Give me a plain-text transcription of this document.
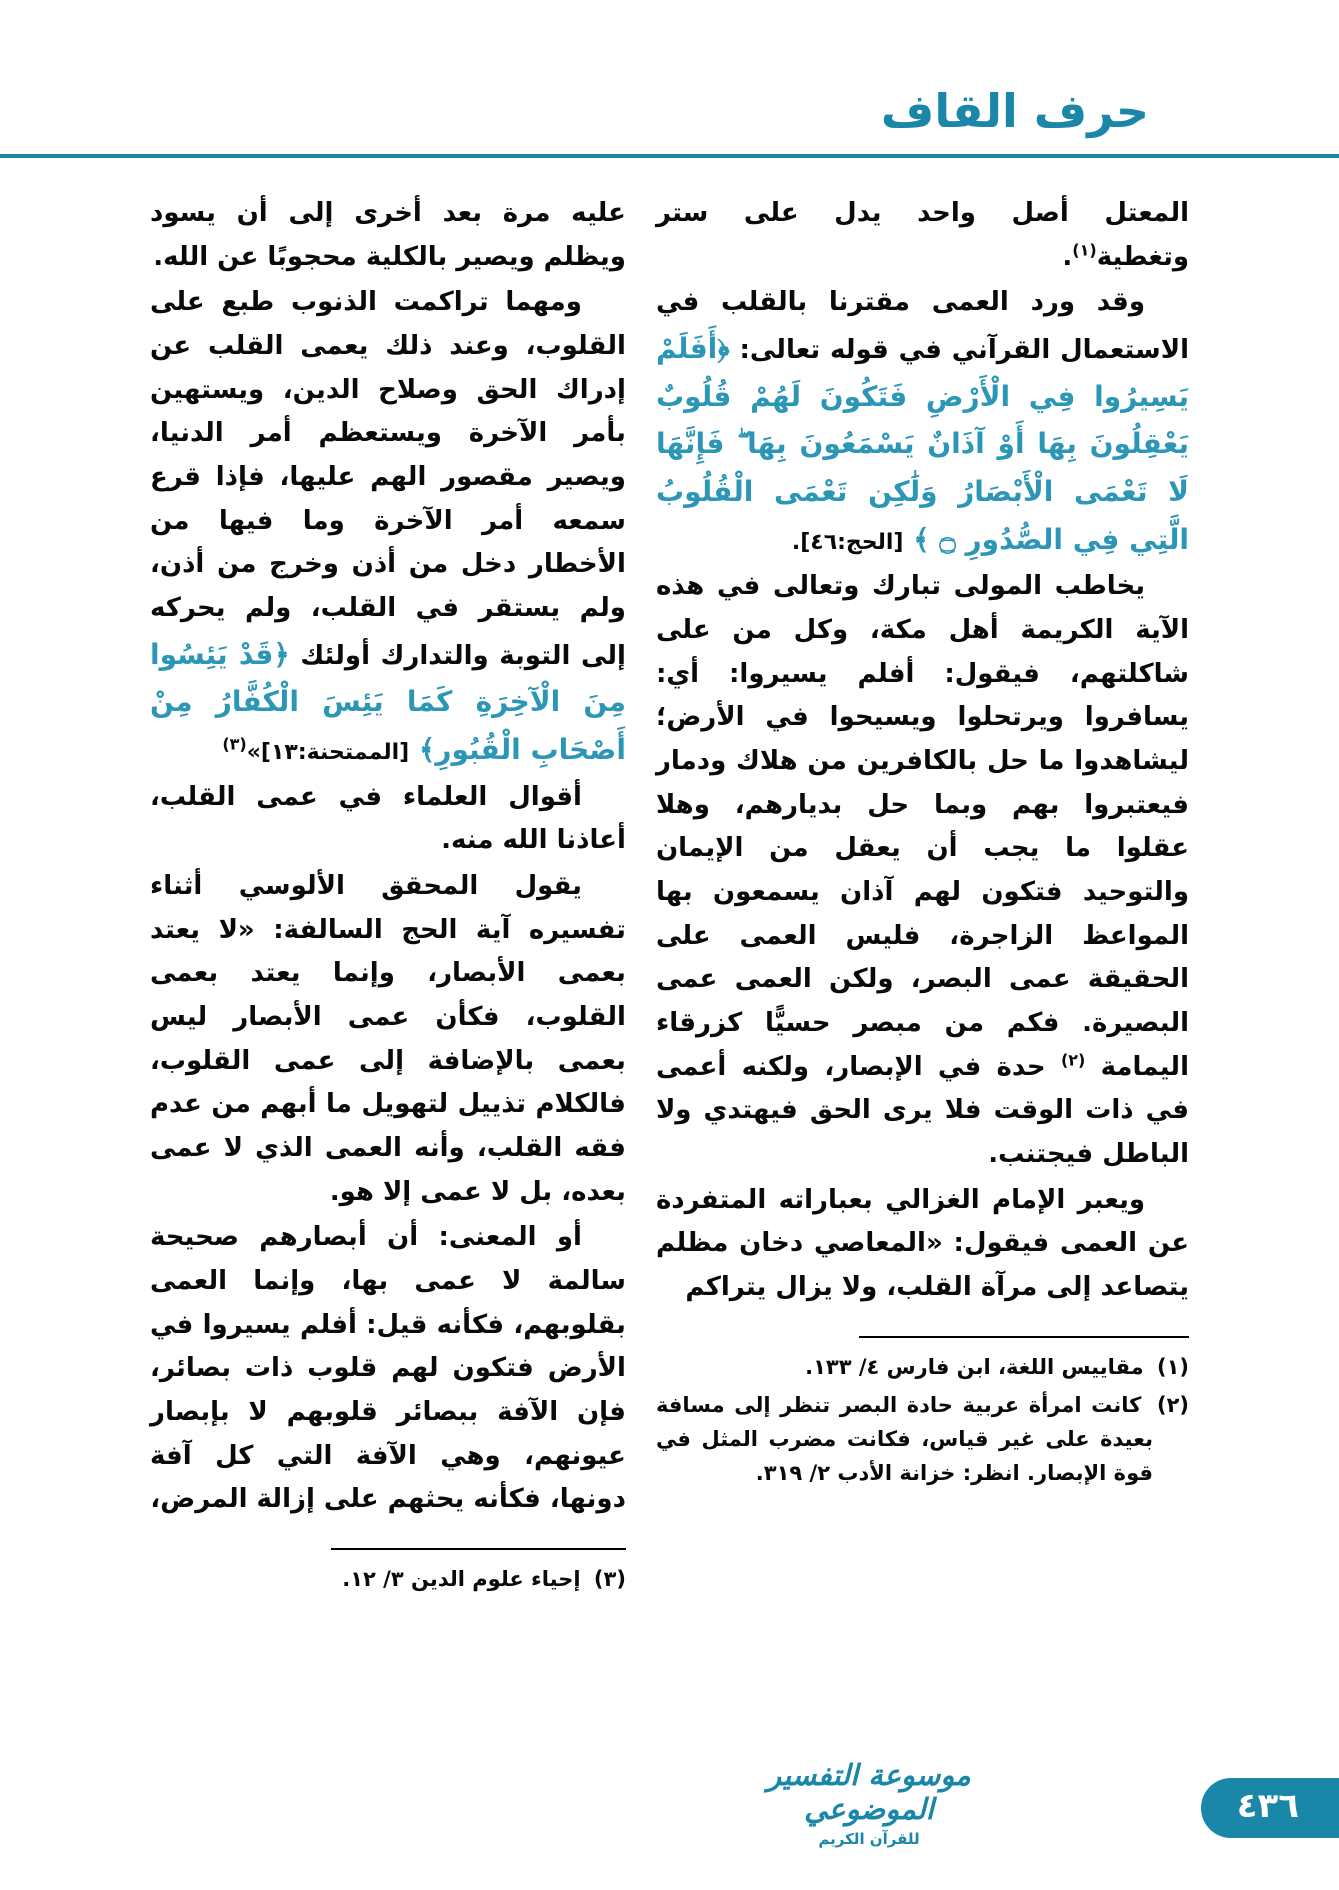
حرف القاف

المعتل أصل واحد يدل على ستر وتغطية$^{(١)}$.

وقد ورد العمى مقترنا بالقلب في الاستعمال القرآني في قوله تعالى: ﴿أَفَلَمْ يَسِيرُوا فِي الْأَرْضِ فَتَكُونَ لَهُمْ قُلُوبٌ يَعْقِلُونَ بِهَا أَوْ آذَانٌ يَسْمَعُونَ بِهَا ۖ فَإِنَّهَا لَا تَعْمَى الْأَبْصَارُ وَلَٰكِن تَعْمَى الْقُلُوبُ الَّتِي فِي الصُّدُورِ ۝ ﴾ [الحج:٤٦].

يخاطب المولى تبارك وتعالى في هذه الآية الكريمة أهل مكة، وكل من على شاكلتهم، فيقول: أفلم يسيروا: أي: يسافروا ويرتحلوا ويسيحوا في الأرض؛ ليشاهدوا ما حل بالكافرين من هلاك ودمار فيعتبروا بهم وبما حل بديارهم، وهلا عقلوا ما يجب أن يعقل من الإيمان والتوحيد فتكون لهم آذان يسمعون بها المواعظ الزاجرة، فليس العمى على الحقيقة عمى البصر، ولكن العمى عمى البصيرة. فكم من مبصر حسيًّا كزرقاء اليمامة $^{(٢)}$ حدة في الإبصار، ولكنه أعمى في ذات الوقت فلا يرى الحق فيهتدي ولا الباطل فيجتنب.

ويعبر الإمام الغزالي بعباراته المتفردة عن العمى فيقول: «المعاصي دخان مظلم يتصاعد إلى مرآة القلب، ولا يزال يتراكم

(١) مقاييس اللغة، ابن فارس ٤/ ١٣٣.
(٢) كانت امرأة عربية حادة البصر تنظر إلى مسافة بعيدة على غير قياس، فكانت مضرب المثل في قوة الإبصار. انظر: خزانة الأدب ٢/ ٣١٩.

عليه مرة بعد أخرى إلى أن يسود ويظلم ويصير بالكلية محجوبًا عن الله.

ومهما تراكمت الذنوب طبع على القلوب، وعند ذلك يعمى القلب عن إدراك الحق وصلاح الدين، ويستهين بأمر الآخرة ويستعظم أمر الدنيا، ويصير مقصور الهم عليها، فإذا قرع سمعه أمر الآخرة وما فيها من الأخطار دخل من أذن وخرج من أذن، ولم يستقر في القلب، ولم يحركه إلى التوبة والتدارك أولئك ﴿قَدْ يَئِسُوا مِنَ الْآخِرَةِ كَمَا يَئِسَ الْكُفَّارُ مِنْ أَصْحَابِ الْقُبُورِ﴾ [الممتحنة:١٣]»$^{(٣)}$

أقوال العلماء في عمى القلب، أعاذنا الله منه.

يقول المحقق الألوسي أثناء تفسيره آية الحج السالفة: «لا يعتد بعمى الأبصار، وإنما يعتد بعمى القلوب، فكأن عمى الأبصار ليس بعمى بالإضافة إلى عمى القلوب، فالكلام تذييل لتهويل ما أبهم من عدم فقه القلب، وأنه العمى الذي لا عمى بعده، بل لا عمى إلا هو.

أو المعنى: أن أبصارهم صحيحة سالمة لا عمى بها، وإنما العمى بقلوبهم، فكأنه قيل: أفلم يسيروا في الأرض فتكون لهم قلوب ذات بصائر، فإن الآفة ببصائر قلوبهم لا بإبصار عيونهم، وهي الآفة التي كل آفة دونها، فكأنه يحثهم على إزالة المرض،

(٣) إحياء علوم الدين ٣/ ١٢.
موسوعة التفسير الموضوعي
للقرآن الكريم
٤٣٦
